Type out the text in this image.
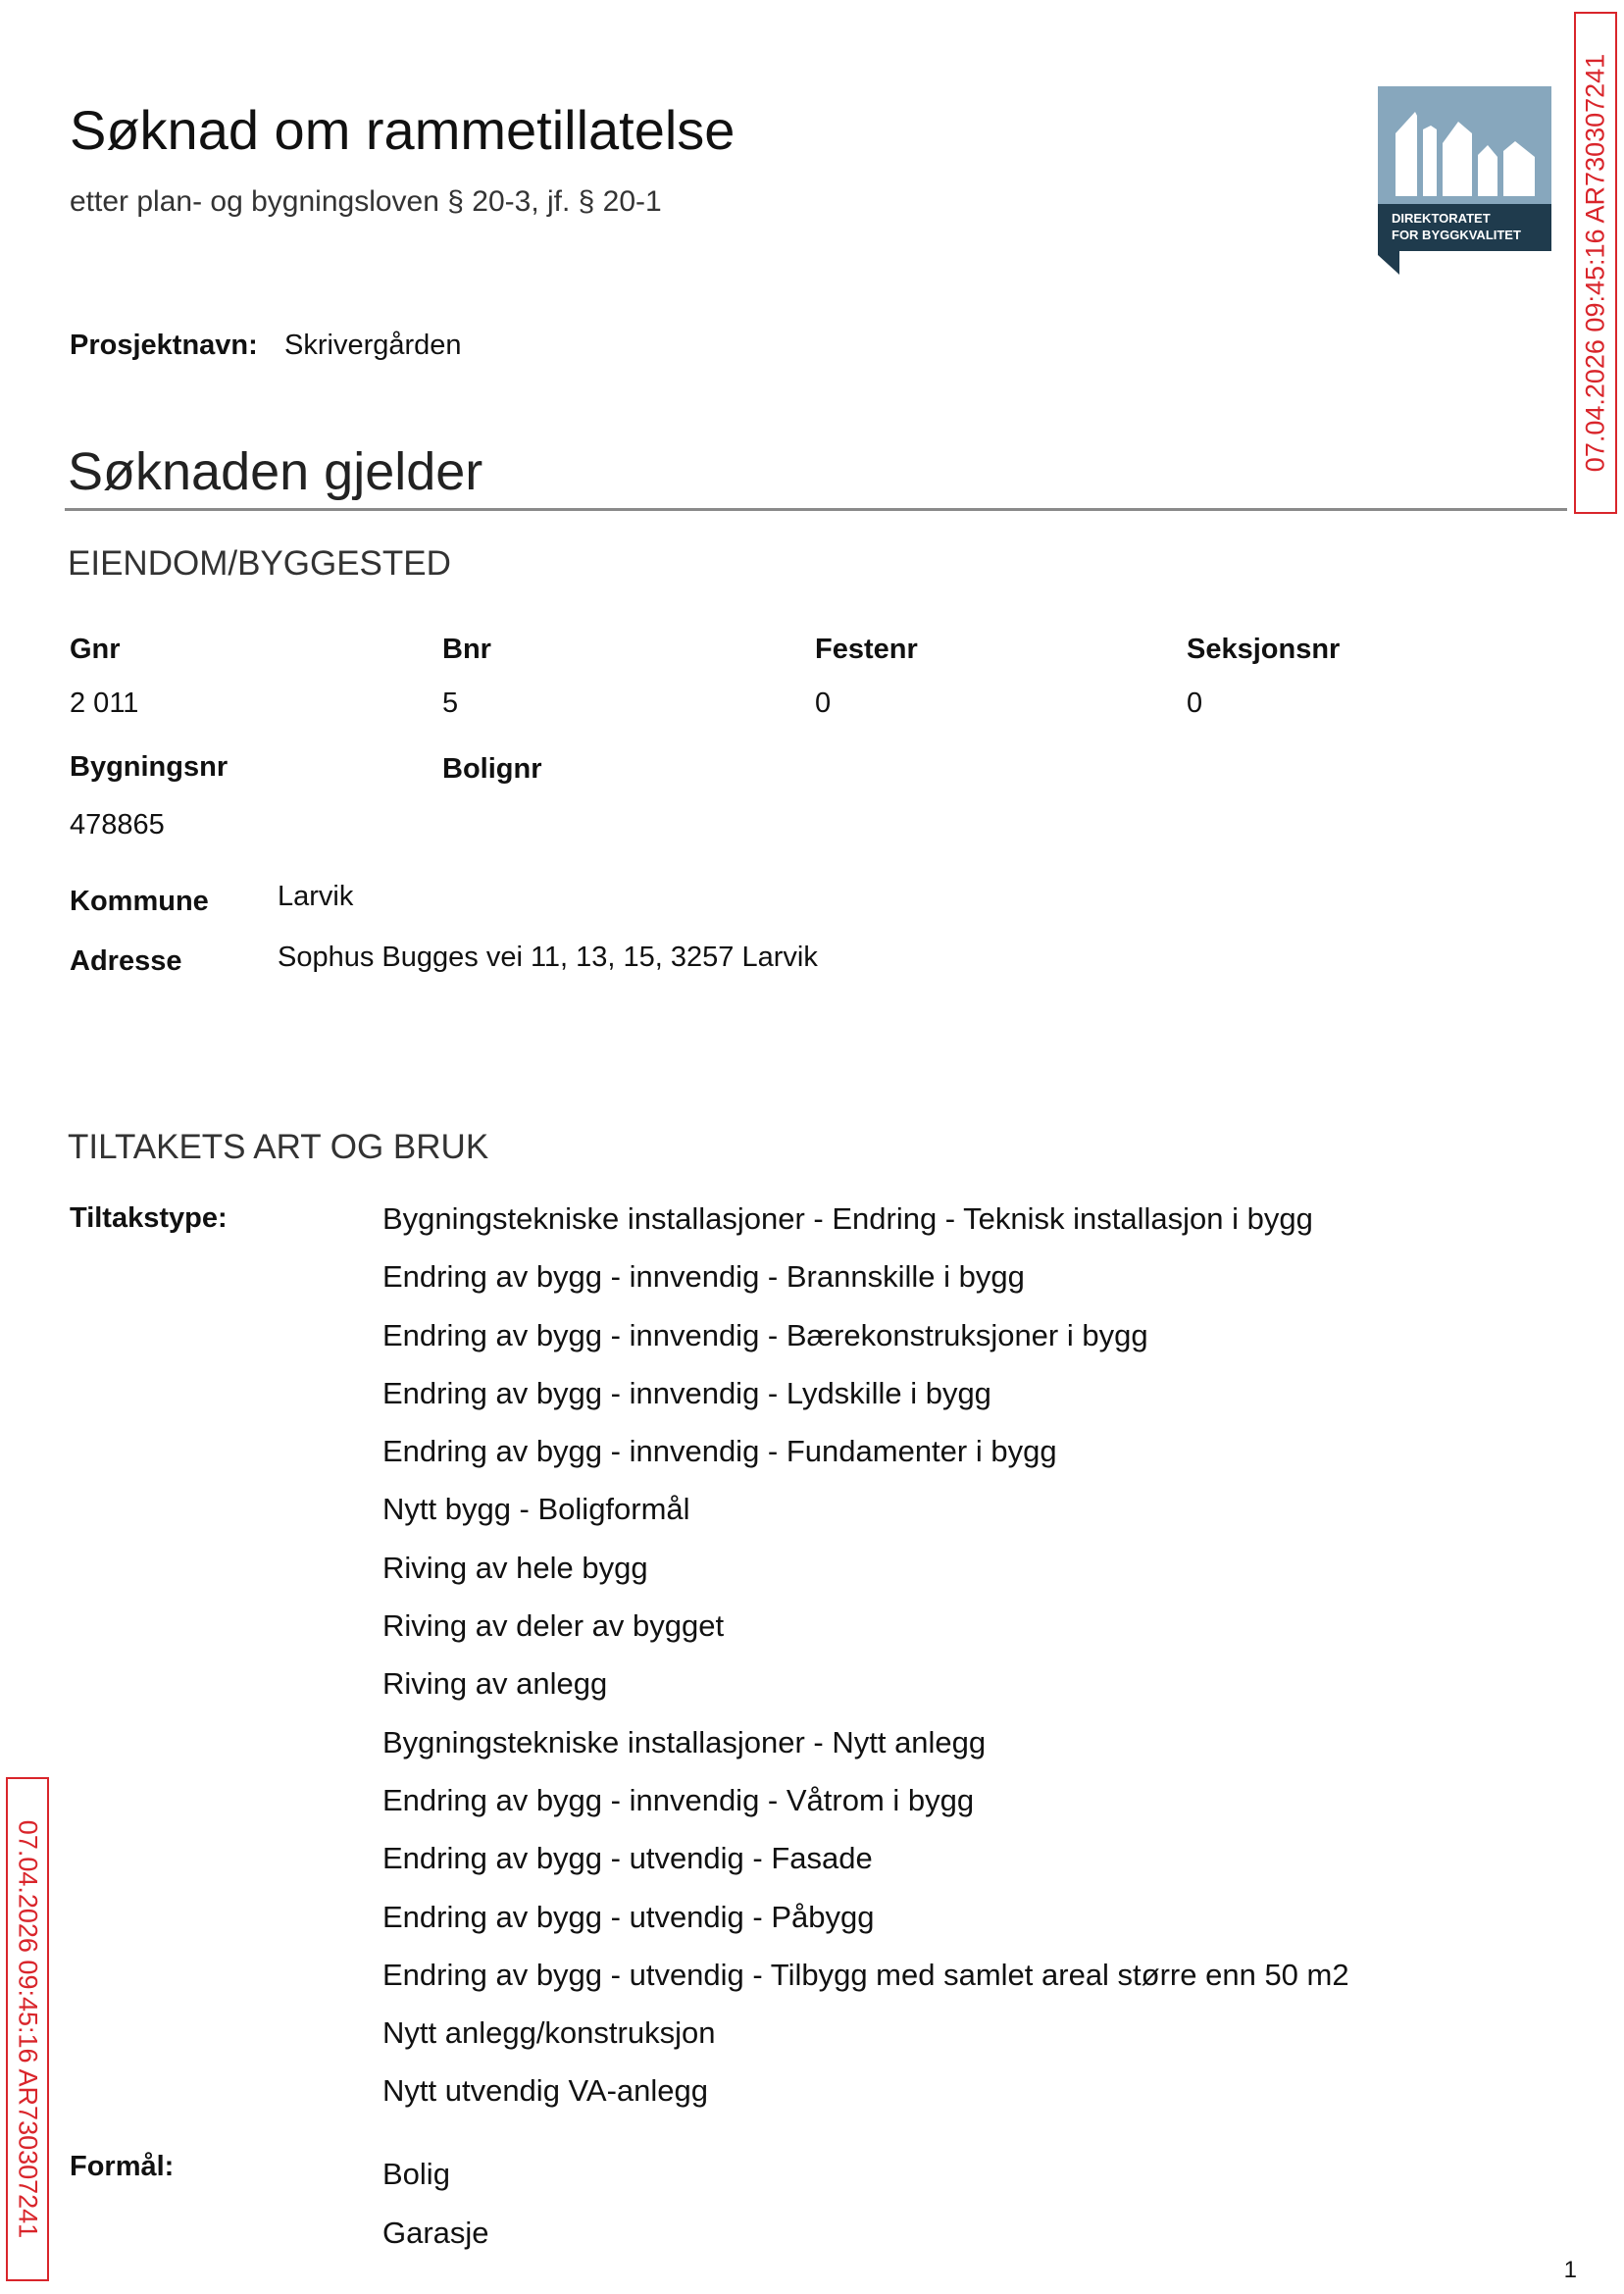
Søknad om rammetillatelse
etter plan- og bygningsloven § 20-3, jf. § 20-1
DIREKTORATET
FOR BYGGKVALITET 07.04.2026 09:45:16 AR730307241
07.04.2026 09:45:16 AR730307241
Prosjektnavn: Skrivergården
Søknaden gjelder
EIENDOM/BYGGESTED
Gnr	Bnr	Festenr	Seksjonsnr
2 011	5	0	0
Bygningsnr	Bolignr
478865
Kommune Larvik
Adresse	Sophus Bugges vei 11, 13, 15, 3257 Larvik
TILTAKETS ART OG BRUK
Tiltakstype:	Bygningstekniske installasjoner - Endring - Teknisk installasjon i bygg
Endring av bygg - innvendig - Brannskille i bygg
Endring av bygg - innvendig - Bærekonstruksjoner i bygg
Endring av bygg - innvendig - Lydskille i bygg
Endring av bygg - innvendig - Fundamenter i bygg
Nytt bygg - Boligformål
Riving av hele bygg
Riving av deler av bygget
Riving av anlegg
Bygningstekniske installasjoner - Nytt anlegg
Endring av bygg - innvendig - Våtrom i bygg
Endring av bygg - utvendig - Fasade
Endring av bygg - utvendig - Påbygg
Endring av bygg - utvendig - Tilbygg med samlet areal større enn 50 m2
Nytt anlegg/konstruksjon
Nytt utvendig VA-anlegg
Formål:	Bolig
Garasje
1
